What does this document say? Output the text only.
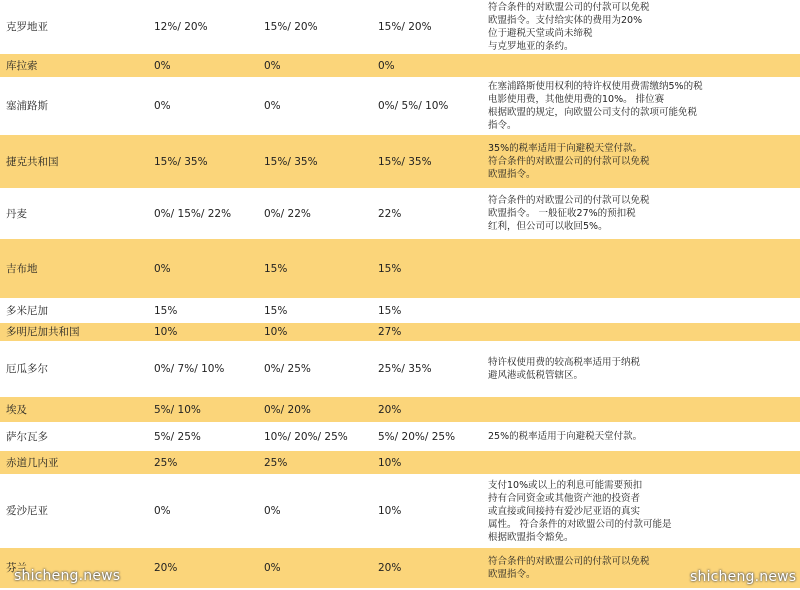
克罗地亚	12%/ 20%	15%/ 20%	15%/ 20%	符合条件的对欧盟公司的付款可以免税
欧盟指令。支付给实体的费用为20%
位于避税天堂或尚未缔税
与克罗地亚的条约。

库拉索	0%	0%	0%	
塞浦路斯	0%	0%	0%/ 5%/ 10%	在塞浦路斯使用权利的特许权使用费需缴纳5%的税
电影使用费，其他使用费的10%。 排位赛
根据欧盟的规定，向欧盟公司支付的款项可能免税
指令。

捷克共和国	15%/ 35%	15%/ 35%	15%/ 35%	35%的税率适用于向避税天堂付款。
符合条件的对欧盟公司的付款可以免税
欧盟指令。

丹麦	0%/ 15%/ 22%	0%/ 22%	22%	符合条件的对欧盟公司的付款可以免税
欧盟指令。 一般征收27%的预扣税
红利，但公司可以收回5%。

吉布地	0%	15%	15%	
多米尼加	15%	15%	15%	
多明尼加共和国	10%	10%	27%	
厄瓜多尔	0%/ 7%/ 10%	0%/ 25%	25%/ 35%	特许权使用费的较高税率适用于纳税
避风港或低税管辖区。

埃及	5%/ 10%	0%/ 20%	20%	
萨尔瓦多	5%/ 25%	10%/ 20%/ 25%	5%/ 20%/ 25%	25%的税率适用于向避税天堂付款。

赤道几内亚	25%	25%	10%	
爱沙尼亚	0%	0%	10%	支付10%或以上的利息可能需要预扣
持有合同资金或其他资产池的投资者
或直接或间接持有爱沙尼亚语的真实
属性。 符合条件的对欧盟公司的付款可能是
根据欧盟指令豁免。

芬兰	20%	0%	20%	符合条件的对欧盟公司的付款可以免税
欧盟指令。
shicheng.news	shicheng.news
